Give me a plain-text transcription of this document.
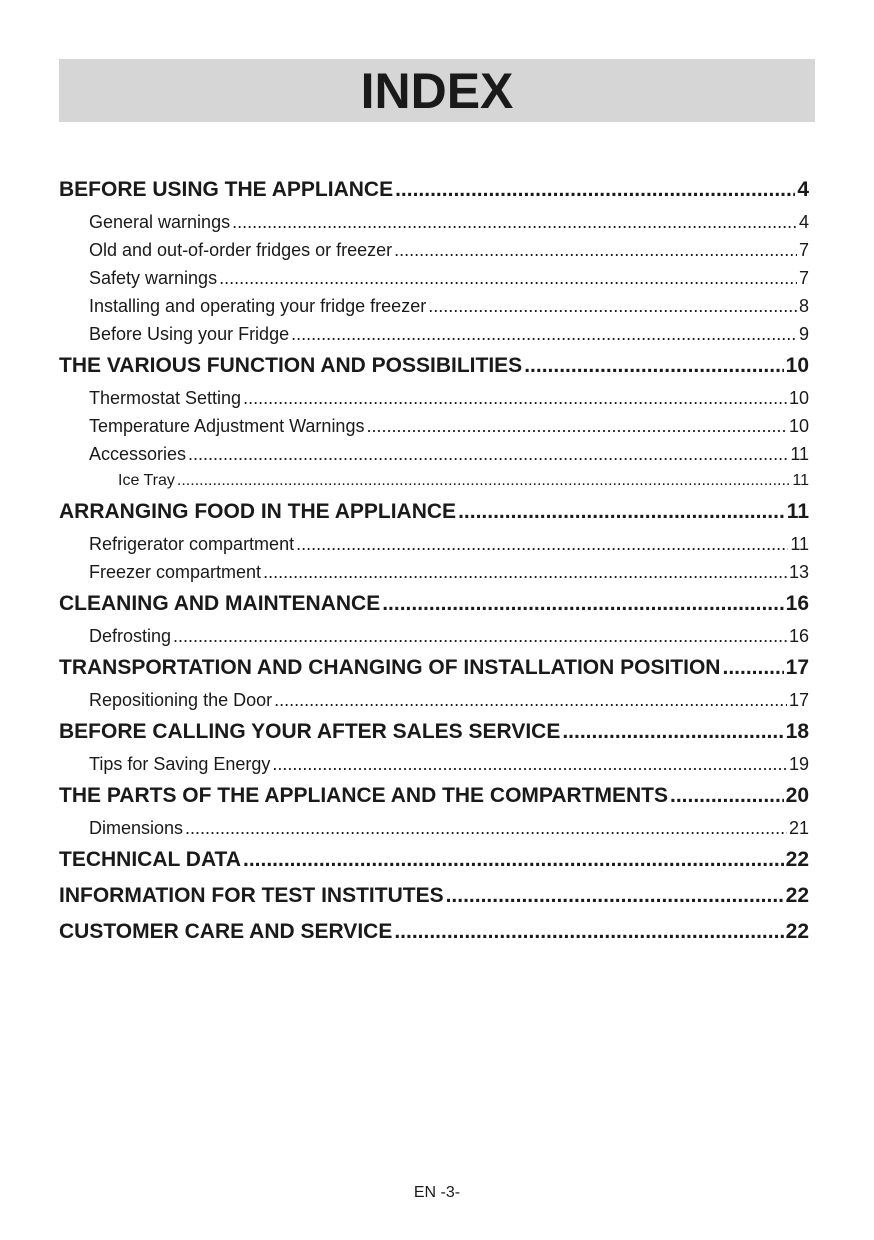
INDEX
BEFORE USING THE APPLIANCE .....	4
General warnings .....	4
Old and out-of-order fridges or freezer .....	7
Safety warnings .....	7
Installing and operating your fridge freezer .....	8
Before Using your Fridge .....	9
THE VARIOUS FUNCTION AND POSSIBILITIES .....	10
Thermostat Setting .....	10
Temperature Adjustment Warnings .....	10
Accessories .....	11
Ice Tray .....	11
ARRANGING FOOD IN THE APPLIANCE .....	11
Refrigerator compartment .....	11
Freezer compartment .....	13
CLEANING AND MAINTENANCE .....	16
Defrosting .....	16
TRANSPORTATION AND CHANGING OF INSTALLATION POSITION .....	17
Repositioning the Door .....	17
BEFORE CALLING YOUR AFTER SALES SERVICE .....	18
Tips for Saving Energy .....	19
THE PARTS OF THE APPLIANCE AND THE COMPARTMENTS .....	20
Dimensions .....	21
TECHNICAL DATA .....	22
INFORMATION FOR TEST INSTITUTES .....	22
CUSTOMER CARE AND SERVICE .....	22
EN -3-
